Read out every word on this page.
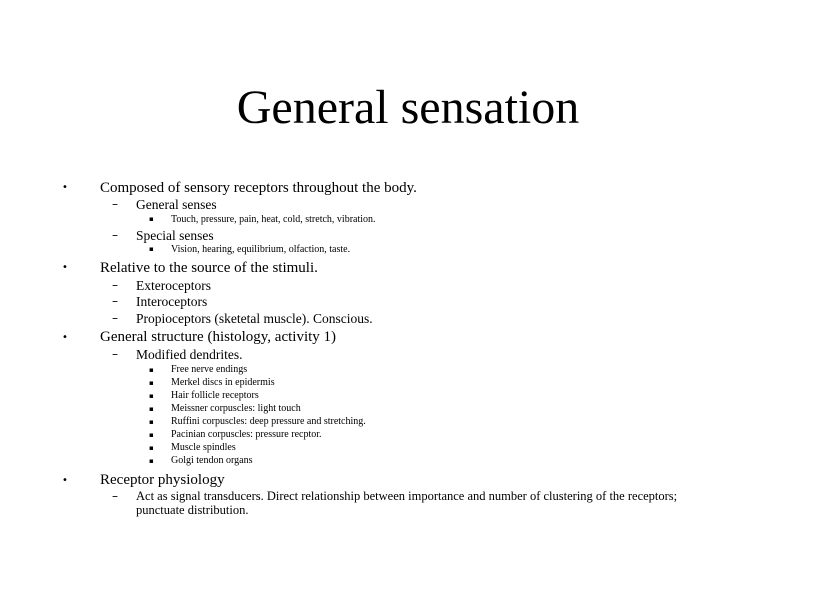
General sensation
• Composed of sensory receptors throughout the body.
– General senses
▪ Touch, pressure, pain, heat, cold, stretch, vibration.
– Special senses
▪ Vision, hearing, equilibrium, olfaction, taste.
• Relative to the source of the stimuli.
– Exteroceptors
– Interoceptors
– Propioceptors (sketetal muscle). Conscious.
• General structure (histology, activity 1)
– Modified dendrites.
▪ Free nerve endings
▪ Merkel discs in epidermis
▪ Hair follicle receptors
▪ Meissner corpuscles: light touch
▪ Ruffini corpuscles: deep pressure and stretching.
▪ Pacinian corpuscles: pressure recptor.
▪ Muscle spindles
▪ Golgi tendon organs
• Receptor physiology
– Act as signal transducers. Direct relationship between importance and number of clustering of the receptors;
punctuate distribution.
